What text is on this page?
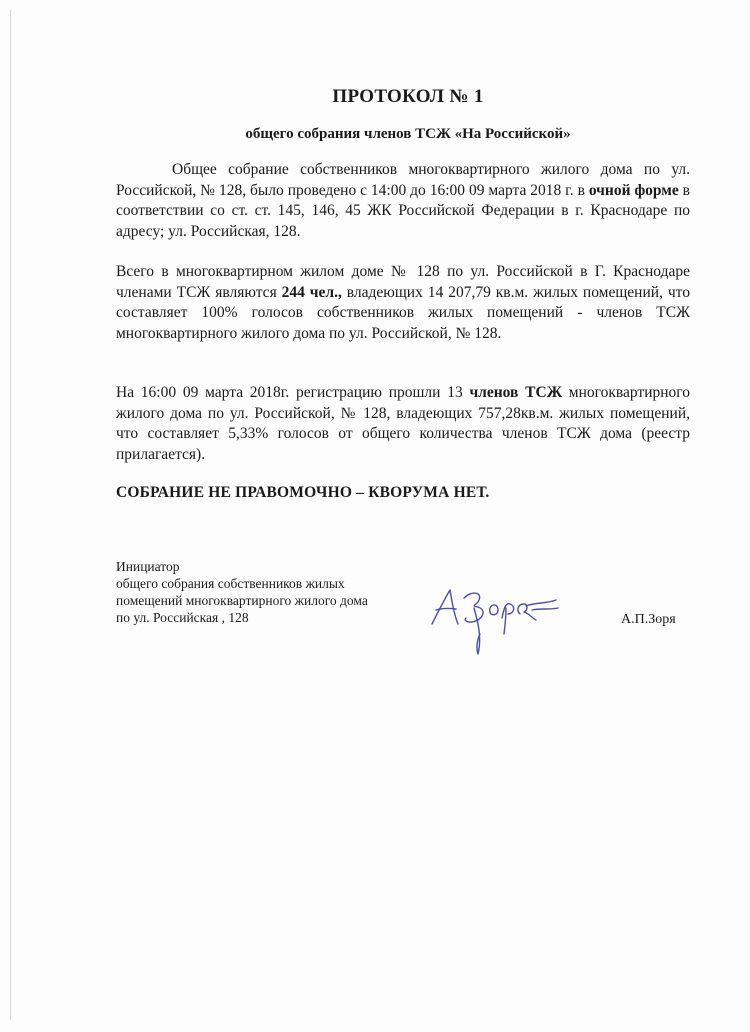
ПРОТОКОЛ № 1
общего собрания членов ТСЖ «На Российской»
Общее собрание собственников многоквартирного жилого дома по ул. Российской, № 128, было проведено с 14:00 до 16:00 09 марта 2018 г. в очной форме в соответствии со ст. ст. 145, 146, 45 ЖК Российской Федерации в г. Краснодаре по адресу; ул. Российская, 128.
Всего в многоквартирном жилом доме № 128 по ул. Российской в Г. Краснодаре членами ТСЖ являются 244 чел., владеющих 14 207,79 кв.м. жилых помещений, что составляет 100% голосов собственников жилых помещений - членов ТСЖ многоквартирного жилого дома по ул. Российской, № 128.
На 16:00 09 марта 2018г. регистрацию прошли 13 членов ТСЖ многоквартирного жилого дома по ул. Российской, № 128, владеющих 757,28кв.м. жилых помещений, что составляет 5,33% голосов от общего количества членов ТСЖ дома (реестр прилагается).
СОБРАНИЕ НЕ ПРАВОМОЧНО – КВОРУМА НЕТ.
Инициатор
общего собрания собственников жилых
помещений многоквартирного жилого дома
по ул. Российская , 128	А.П.Зоря
